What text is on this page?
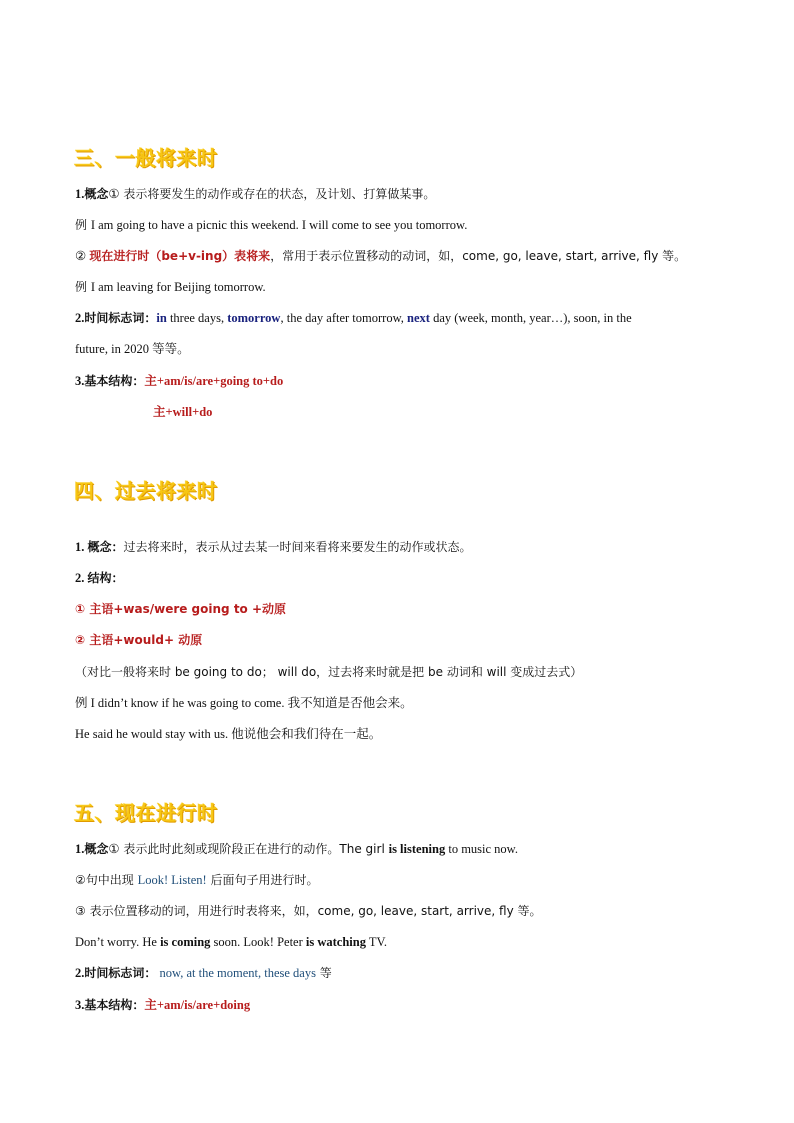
三、一般将来时
1.概念① 表示将要发生的动作或存在的状态，及计划、打算做某事。
例 I am going to have a picnic this weekend. I will come to see you tomorrow.
② 现在进行时（be+v-ing）表将来，常用于表示位置移动的动词，如，come, go, leave, start, arrive, fly 等。
例 I am leaving for Beijing tomorrow.
2.时间标志词：in three days, tomorrow, the day after tomorrow, next day (week, month, year…), soon, in the
future, in 2020 等等。
3.基本结构：主+am/is/are+going to+do
主+will+do
四、过去将来时
1. 概念：过去将来时，表示从过去某一时间来看将来要发生的动作或状态。
2. 结构：
① 主语+was/were going to +动原
② 主语+would+ 动原
（对比一般将来时 be going to do； will do，过去将来时就是把 be 动词和 will 变成过去式）
例 I didn’t know if he was going to come. 我不知道是否他会来。
He said he would stay with us. 他说他会和我们待在一起。
五、现在进行时
1.概念① 表示此时此刻或现阶段正在进行的动作。The girl is listening to music now.
②句中出现 Look! Listen! 后面句子用进行时。
③ 表示位置移动的词，用进行时表将来，如，come, go, leave, start, arrive, fly 等。
Don’t worry. He is coming soon. Look! Peter is watching TV.
2.时间标志词： now, at the moment, these days 等
3.基本结构：主+am/is/are+doing
